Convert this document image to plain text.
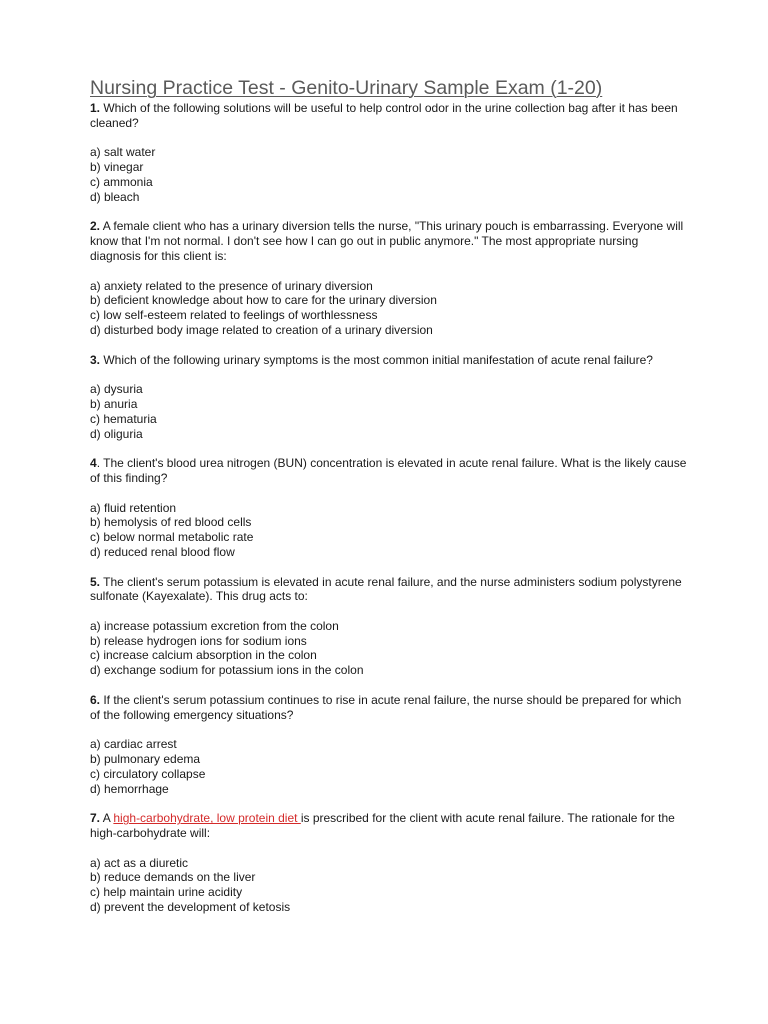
Nursing Practice Test - Genito-Urinary Sample Exam (1-20)

1. Which of the following solutions will be useful to help control odor in the urine collection bag after it has been cleaned?

a) salt water
b) vinegar
c) ammonia
d) bleach

2. A female client who has a urinary diversion tells the nurse, "This urinary pouch is embarrassing. Everyone will know that I'm not normal. I don't see how I can go out in public anymore." The most appropriate nursing diagnosis for this client is:

a) anxiety related to the presence of urinary diversion
b) deficient knowledge about how to care for the urinary diversion
c) low self-esteem related to feelings of worthlessness
d) disturbed body image related to creation of a urinary diversion

3. Which of the following urinary symptoms is the most common initial manifestation of acute renal failure?

a) dysuria
b) anuria
c) hematuria
d) oliguria

4. The client's blood urea nitrogen (BUN) concentration is elevated in acute renal failure. What is the likely cause of this finding?

a) fluid retention
b) hemolysis of red blood cells
c) below normal metabolic rate
d) reduced renal blood flow

5. The client's serum potassium is elevated in acute renal failure, and the nurse administers sodium polystyrene sulfonate (Kayexalate). This drug acts to:

a) increase potassium excretion from the colon
b) release hydrogen ions for sodium ions
c) increase calcium absorption in the colon
d) exchange sodium for potassium ions in the colon

6. If the client's serum potassium continues to rise in acute renal failure, the nurse should be prepared for which of the following emergency situations?

a) cardiac arrest
b) pulmonary edema
c) circulatory collapse
d) hemorrhage

7. A high-carbohydrate, low protein diet is prescribed for the client with acute renal failure. The rationale for the high-carbohydrate will:

a) act as a diuretic
b) reduce demands on the liver
c) help maintain urine acidity
d) prevent the development of ketosis
